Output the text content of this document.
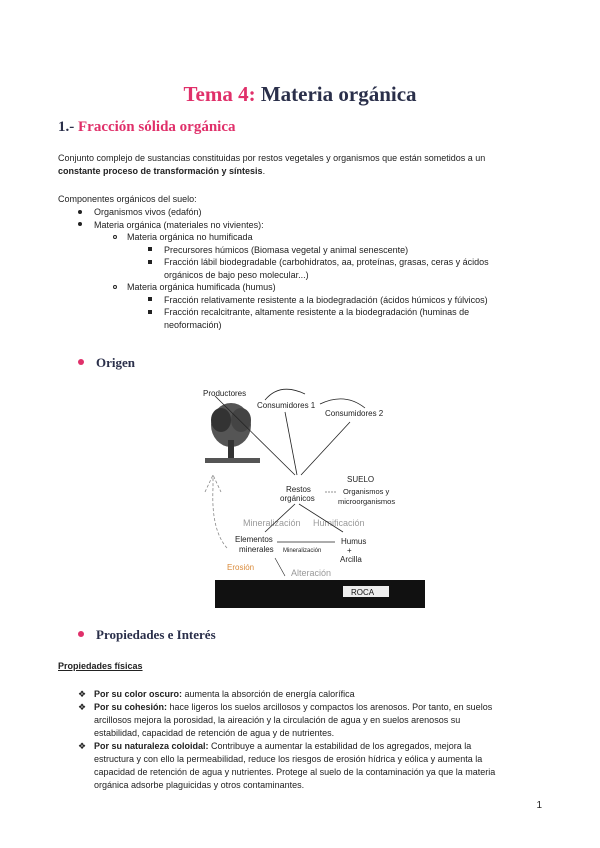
Tema 4: Materia orgánica
1.- Fracción sólida orgánica
Conjunto complejo de sustancias constituidas por restos vegetales y organismos que están sometidos a un
constante proceso de transformación y síntesis.
Componentes orgánicos del suelo:
Organismos vivos (edafón)
Materia orgánica (materiales no vivientes):
Materia orgánica no humificada
Precursores húmicos (Biomasa vegetal y animal senescente)
Fracción lábil biodegradable (carbohidratos, aa, proteínas, grasas, ceras y ácidos
orgánicos de bajo peso molecular...)
Materia orgánica humificada (humus)
Fracción relativamente resistente a la biodegradación (ácidos húmicos y fúlvicos)
Fracción recalcitrante, altamente resistente a la biodegradación (huminas de
neoformación)
Origen
Productores
Consumidores 1
Consumidores 2
Restos
orgánicos
SUELO
Organismos y
microorganismos
Mineralización Humificación
Elementos
minerales Mineralización
Humus
+
Arcilla
Erosión
Alteración
ROCA
Propiedades e Interés
Propiedades físicas
❖ Por su color oscuro: aumenta la absorción de energía calorífica
❖ Por su cohesión: hace ligeros los suelos arcillosos y compactos los arenosos. Por tanto, en suelos
arcillosos mejora la porosidad, la aireación y la circulación de agua y en suelos arenosos su
estabilidad, capacidad de retención de agua y de nutrientes.
❖ Por su naturaleza coloidal: Contribuye a aumentar la estabilidad de los agregados, mejora la
estructura y con ello la permeabilidad, reduce los riesgos de erosión hídrica y eólica y aumenta la
capacidad de retención de agua y nutrientes. Protege al suelo de la contaminación ya que la materia
orgánica adsorbe plaguicidas y otros contaminantes.
1
